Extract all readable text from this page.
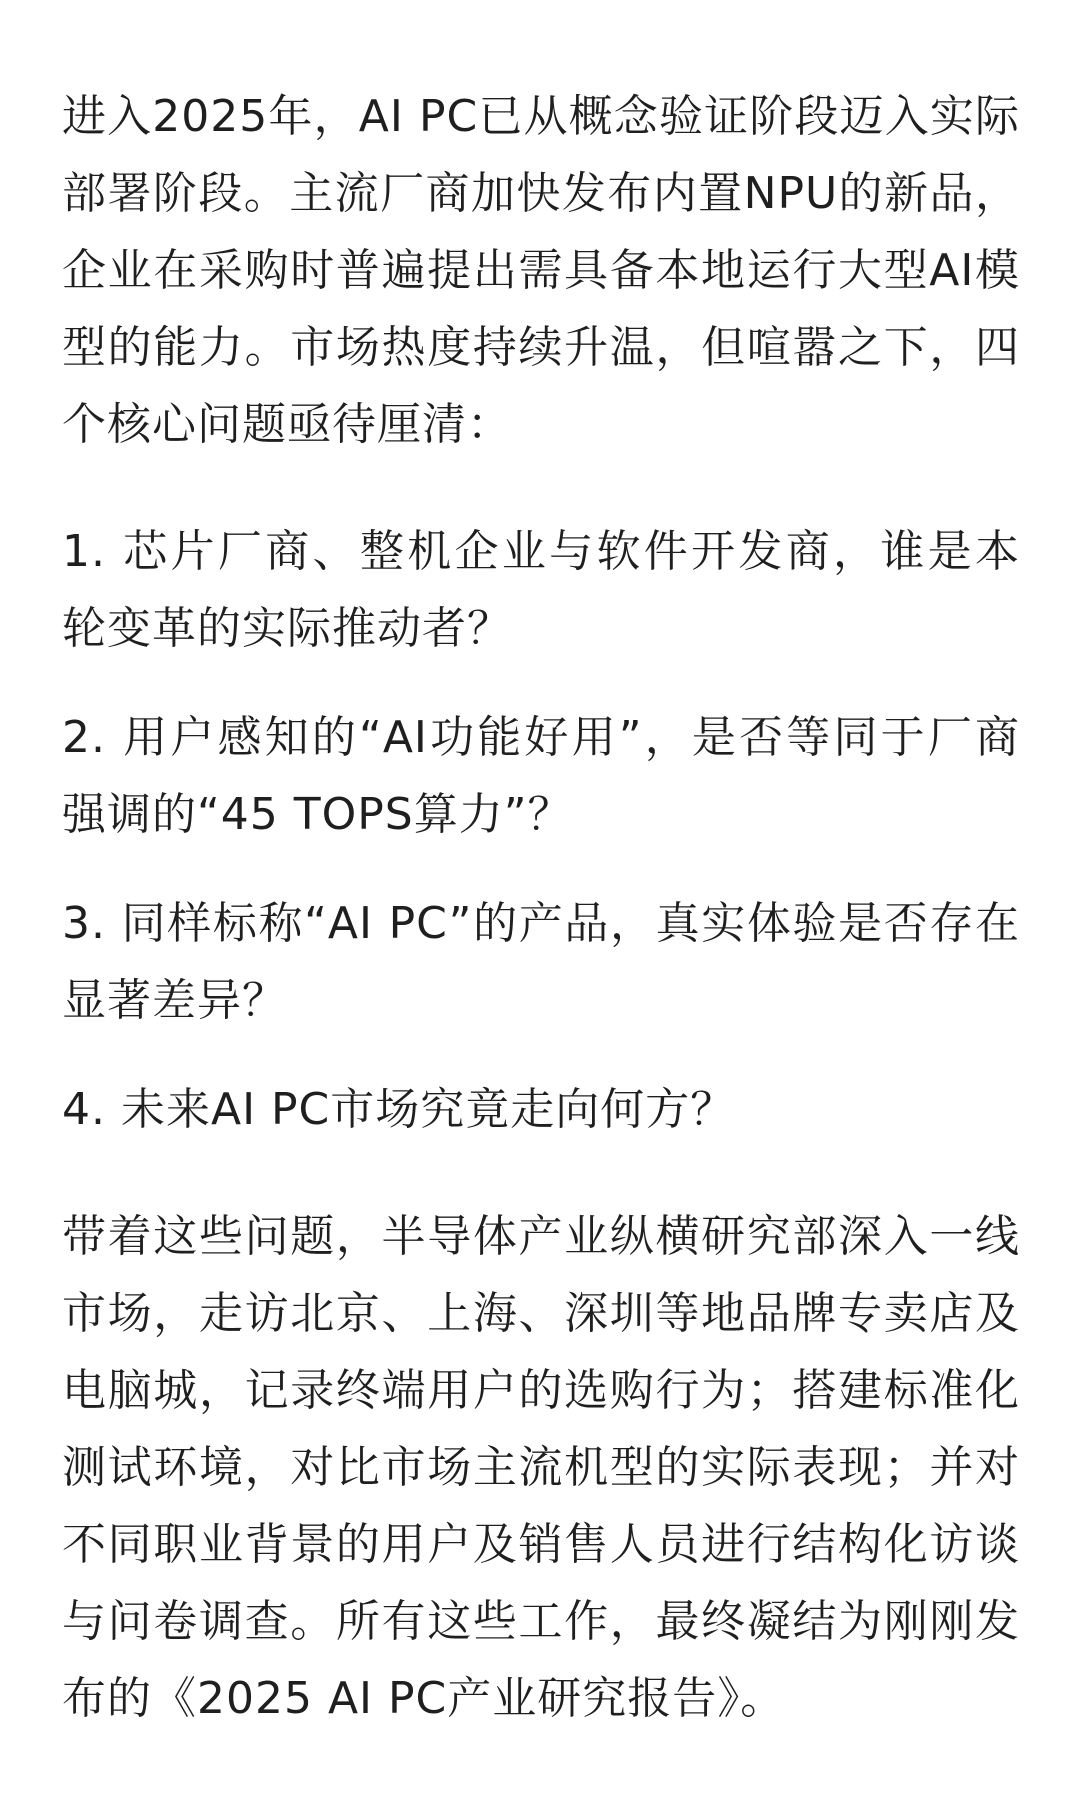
进入2025年，AI PC已从概念验证阶段迈入实际部署阶段。主流厂商加快发布内置NPU的新品，企业在采购时普遍提出需具备本地运行大型AI模型的能力。市场热度持续升温，但喧嚣之下，四个核心问题亟待厘清：

1. 芯片厂商、整机企业与软件开发商，谁是本轮变革的实际推动者？
2. 用户感知的“AI功能好用”，是否等同于厂商强调的“45 TOPS算力”？
3. 同样标称“AI PC”的产品，真实体验是否存在显著差异？
4. 未来AI PC市场究竟走向何方？

带着这些问题，半导体产业纵横研究部深入一线市场，走访北京、上海、深圳等地品牌专卖店及电脑城，记录终端用户的选购行为；搭建标准化测试环境，对比市场主流机型的实际表现；并对不同职业背景的用户及销售人员进行结构化访谈与问卷调查。所有这些工作，最终凝结为刚刚发布的《2025 AI PC产业研究报告》。
